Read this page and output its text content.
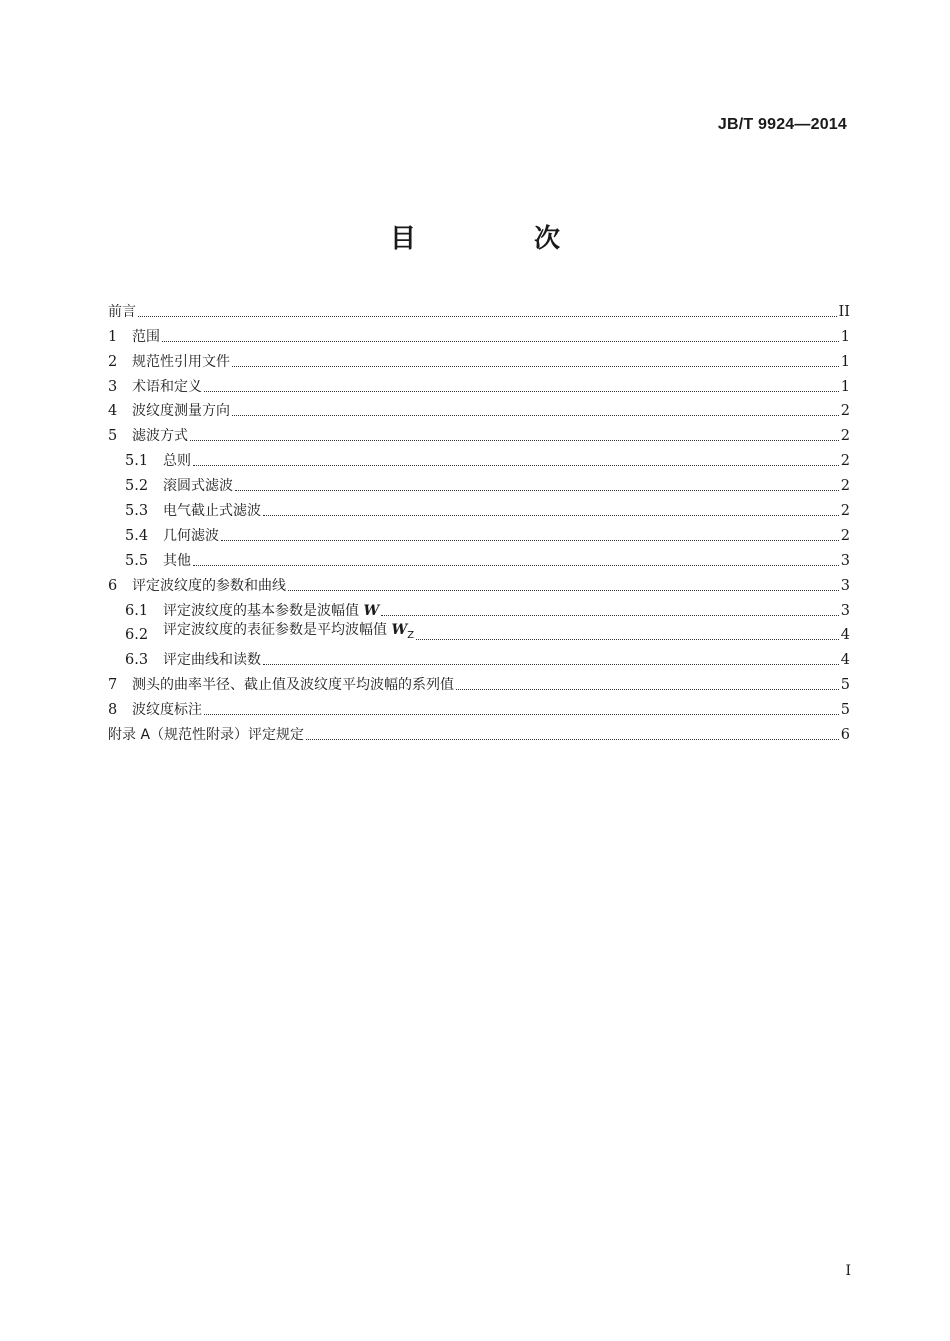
JB/T 9924—2014
目　次
前言	II
1	范围	1
2	规范性引用文件	1
3	术语和定义	1
4	波纹度测量方向	2
5	滤波方式	2
5.1	总则	2
5.2	滚圆式滤波	2
5.3	电气截止式滤波	2
5.4	几何滤波	2
5.5	其他	3
6	评定波纹度的参数和曲线	3
6.1	评定波纹度的基本参数是波幅值 W	3
6.2	评定波纹度的表征参数是平均波幅值 $W_Z$	4
6.3	评定曲线和读数	4
7	测头的曲率半径、截止值及波纹度平均波幅的系列值	5
8	波纹度标注	5
附录 A（规范性附录）评定规定	6
I
